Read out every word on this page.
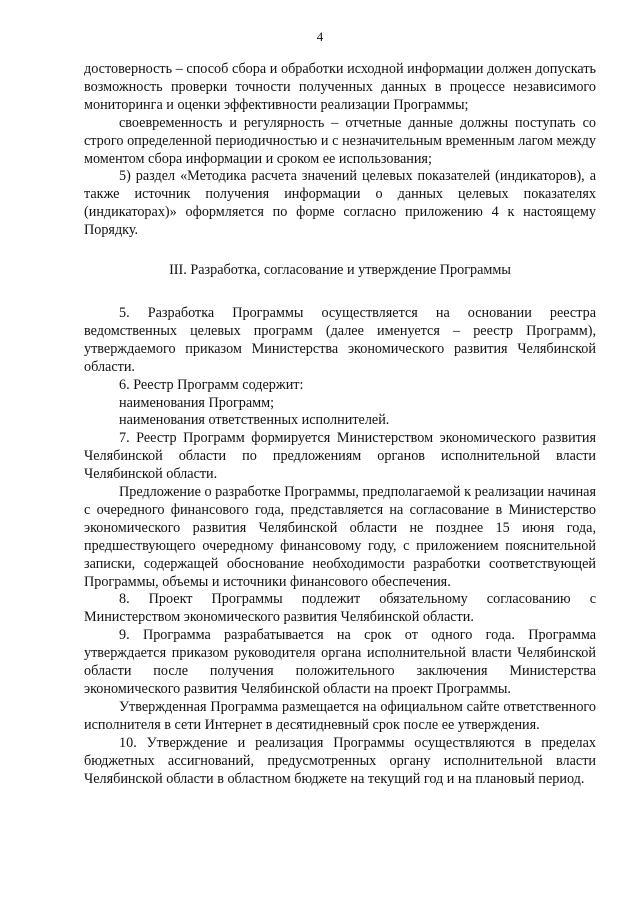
4

достоверность – способ сбора и обработки исходной информации должен допускать возможность проверки точности полученных данных в процессе независимого мониторинга и оценки эффективности реализации Программы;

своевременность и регулярность – отчетные данные должны поступать со строго определенной периодичностью и с незначительным временным лагом между моментом сбора информации и сроком ее использования;

5) раздел «Методика расчета значений целевых показателей (индикаторов), а также источник получения информации о данных целевых показателях (индикаторах)» оформляется по форме согласно приложению 4 к настоящему Порядку.

III. Разработка, согласование и утверждение Программы

5. Разработка Программы осуществляется на основании реестра ведомственных целевых программ (далее именуется – реестр Программ), утверждаемого приказом Министерства экономического развития Челябинской области.

6. Реестр Программ содержит:

наименования Программ;

наименования ответственных исполнителей.

7. Реестр Программ формируется Министерством экономического развития Челябинской области по предложениям органов исполнительной власти Челябинской области.

Предложение о разработке Программы, предполагаемой к реализации начиная с очередного финансового года, представляется на согласование в Министерство экономического развития Челябинской области не позднее 15 июня года, предшествующего очередному финансовому году, с приложением пояснительной записки, содержащей обоснование необходимости разработки соответствующей Программы, объемы и источники финансового обеспечения.

8. Проект Программы подлежит обязательному согласованию с Министерством экономического развития Челябинской области.

9. Программа разрабатывается на срок от одного года. Программа утверждается приказом руководителя органа исполнительной власти Челябинской области после получения положительного заключения Министерства экономического развития Челябинской области на проект Программы.

Утвержденная Программа размещается на официальном сайте ответственного исполнителя в сети Интернет в десятидневный срок после ее утверждения.

10. Утверждение и реализация Программы осуществляются в пределах бюджетных ассигнований, предусмотренных органу исполнительной власти Челябинской области в областном бюджете на текущий год и на плановый период.
